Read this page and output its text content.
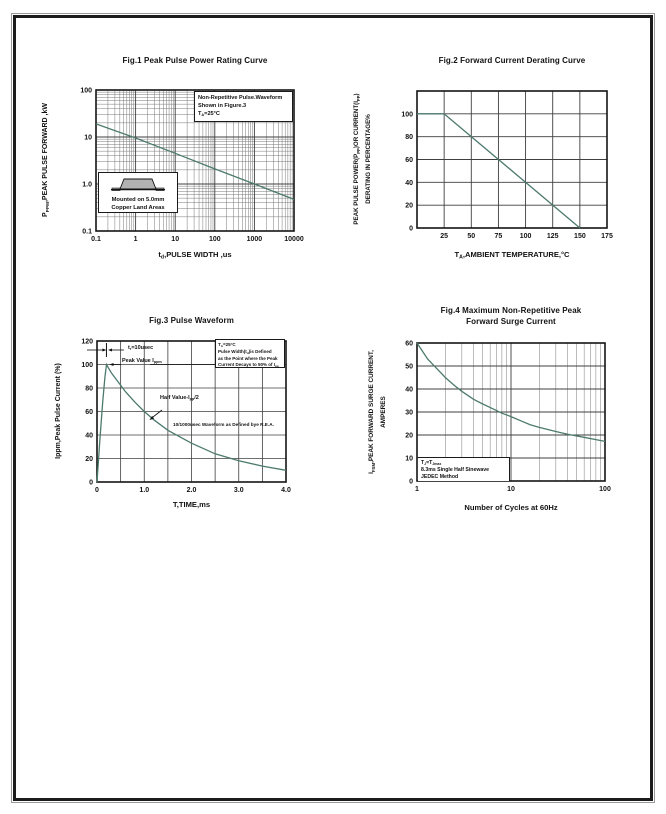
Fig.1 Peak Pulse Power Rating Curve
$P_{PPM},PEAK$ PULSE FORWARD ,kW
0.1	1	10	100	1000	10000
100
10
1.0
0.1
Non-Repetitive Pulse.Waveform
Shown in Figure.3
$T_A=25^\circ C$
Mounted on 5.0mm
Copper Land Areas
td,PULSE WIDTH ,us
Fig.2 Forward Current Derating Curve
PEAK PULSE $POWER(P_{PP})OR$ $CURRENT(I_{PP})$
DERATING IN PERCENTAGE%
25	50	75 100 125 150 175
0
20
40
60
80
100
TA,AMBIENT TEMPERATURE,°C
Fig.3 Pulse Waveform
Ippm,Peak Pulse Current (%)
0	1.0	2.0	3.0	4.0
0
20
40
60
80
100
120
tr=10usec
Peak Value Ippm
Half Value-Ipp/2
10/1000usec Waveform as Defined bye R.E.A.
TA=25°C
Pulse Width(td)is Defined
as the Point where the Peak
Current Decays to 50% of Ipp
T,TIME,ms
Fig.4 Maximum Non-Repetitive Peak
Forward Surge Current
$I_{FSM},PEAK$ FORWARD SURGE CURRENT, AMPERES
1	10	100
0
10
20
30
40
50
60
$T_J=T_{Jmax}$
8.3ms Single Half Sinewave
JEDEC Method
Number of Cycles at 60Hz
